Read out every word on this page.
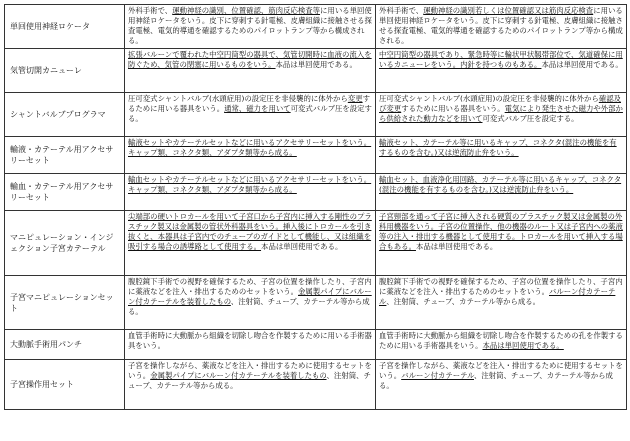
単回使用神経ロケータ	外科手術で、運動神経の識別、位置確認、筋肉反応検査等に用いる単回使用神経ロケータをいう。皮下に穿刺する針電極、皮膚組織に接触させる探査電極、電気的導通を確認するためのパイロットランプ等から構成される。	外科手術で、運動神経の識別若しくは位置確認又は筋肉反応検査に用いる単回使用神経ロケータをいう。皮下に穿刺する針電極、皮膚組織に接触させる探査電極、電気的導通を確認するためのパイロットランプ等から構成される。
気管切開カニューレ	拡張バルーンで覆われた中空円筒型の器具で、気管切開時に血液の流入を防ぐため、気管の閉塞に用いるものをいう。本品は単回使用である。	中空円筒型の器具であり、緊急時等に輪状甲状靱帯部位で、気道確保に用いるカニューレをいう。内針を持つものもある。本品は単回使用である。
シャントバルブプログラマ	圧可変式シャントバルブ(水頭症用)の設定圧を非侵襲的に体外から変更するために用いる器具をいう。通常、磁力を用いて可変式バルブ圧を設定する。	圧可変式シャントバルブ(水頭症用)の設定圧を非侵襲的に体外から確認及び変更するために用いる器具をいう。電気により発生させた磁力や外部から供給された動力などを用いて可変式バルブ圧を設定する。
輸液・カテーテル用アクセサリーセット	輸液セットやカテーテルセットなどに用いるアクセサリーセットをいう。キャップ類、コネクタ類、アダプタ類等から成る。	輸液セット、カテーテル等に用いるキャップ、コネクタ(混注の機能を有するものを含む。)又は逆流防止弁をいう。
輸血・カテーテル用アクセサリーセット	輸血セットやカテーテルセットなどに用いるアクセサリーセットをいう。キャップ類、コネクタ類、アダプタ類等から成る。	輸血セット、血液浄化用回路、カテーテル等に用いるキャップ、コネクタ(混注の機能を有するものを含む。)又は逆流防止弁をいう。
マニピュレーション・インジェクション子宮カテーテル	尖端部の硬いトロカールを用いて子宮口から子宮内に挿入する剛性のプラスチック製又は金属製の管状外科器具をいう。挿入後にトロカールを引き抜くと、本器具は子宮内でのチューブのガイドとして機能し、又は組織を吸引する場合の誘導路として使用する。本品は単回使用である。	子宮頸部を通って子宮に挿入される硬質のプラスチック製又は金属製の外科用機器をいう。子宮の位置操作、他の機器のルート又は子宮内への薬液等の注入・排出する機器として使用する。トロカールを用いて挿入する場合もある。本品は単回使用である。
子宮マニピュレーションセット	腹腔鏡下手術での視野を確保するため、子宮の位置を操作したり、子宮内に薬液などを注入・排出するためのセットをいう。金属製パイプにバルーン付カテーテルを装着したもの、注射筒、チューブ、カテーテル等から成る。	腹腔鏡下手術での視野を確保するため、子宮の位置を操作したり、子宮内に薬液などを注入・排出するためのセットをいう。バルーン付カテーテル、注射筒、チューブ、カテーテル等から成る。
大動脈手術用パンチ	血管手術時に大動脈から組織を切除し吻合を作製するために用いる手術器具をいう。	血管手術時に大動脈から組織を切除し吻合を作製するための孔を作製するために用いる手術器具をいう。本品は単回使用である。
子宮操作用セット	子宮を操作しながら、薬液などを注入・排出するために使用するセットをいう。金属製パイプにバルーン付カテーテルを装着したもの、注射筒、チューブ、カテーテル等から成る。	子宮を操作しながら、薬液などを注入・排出するために使用するセットをいう。バルーン付カテーテル、注射筒、チューブ、カテーテル等から成る。
